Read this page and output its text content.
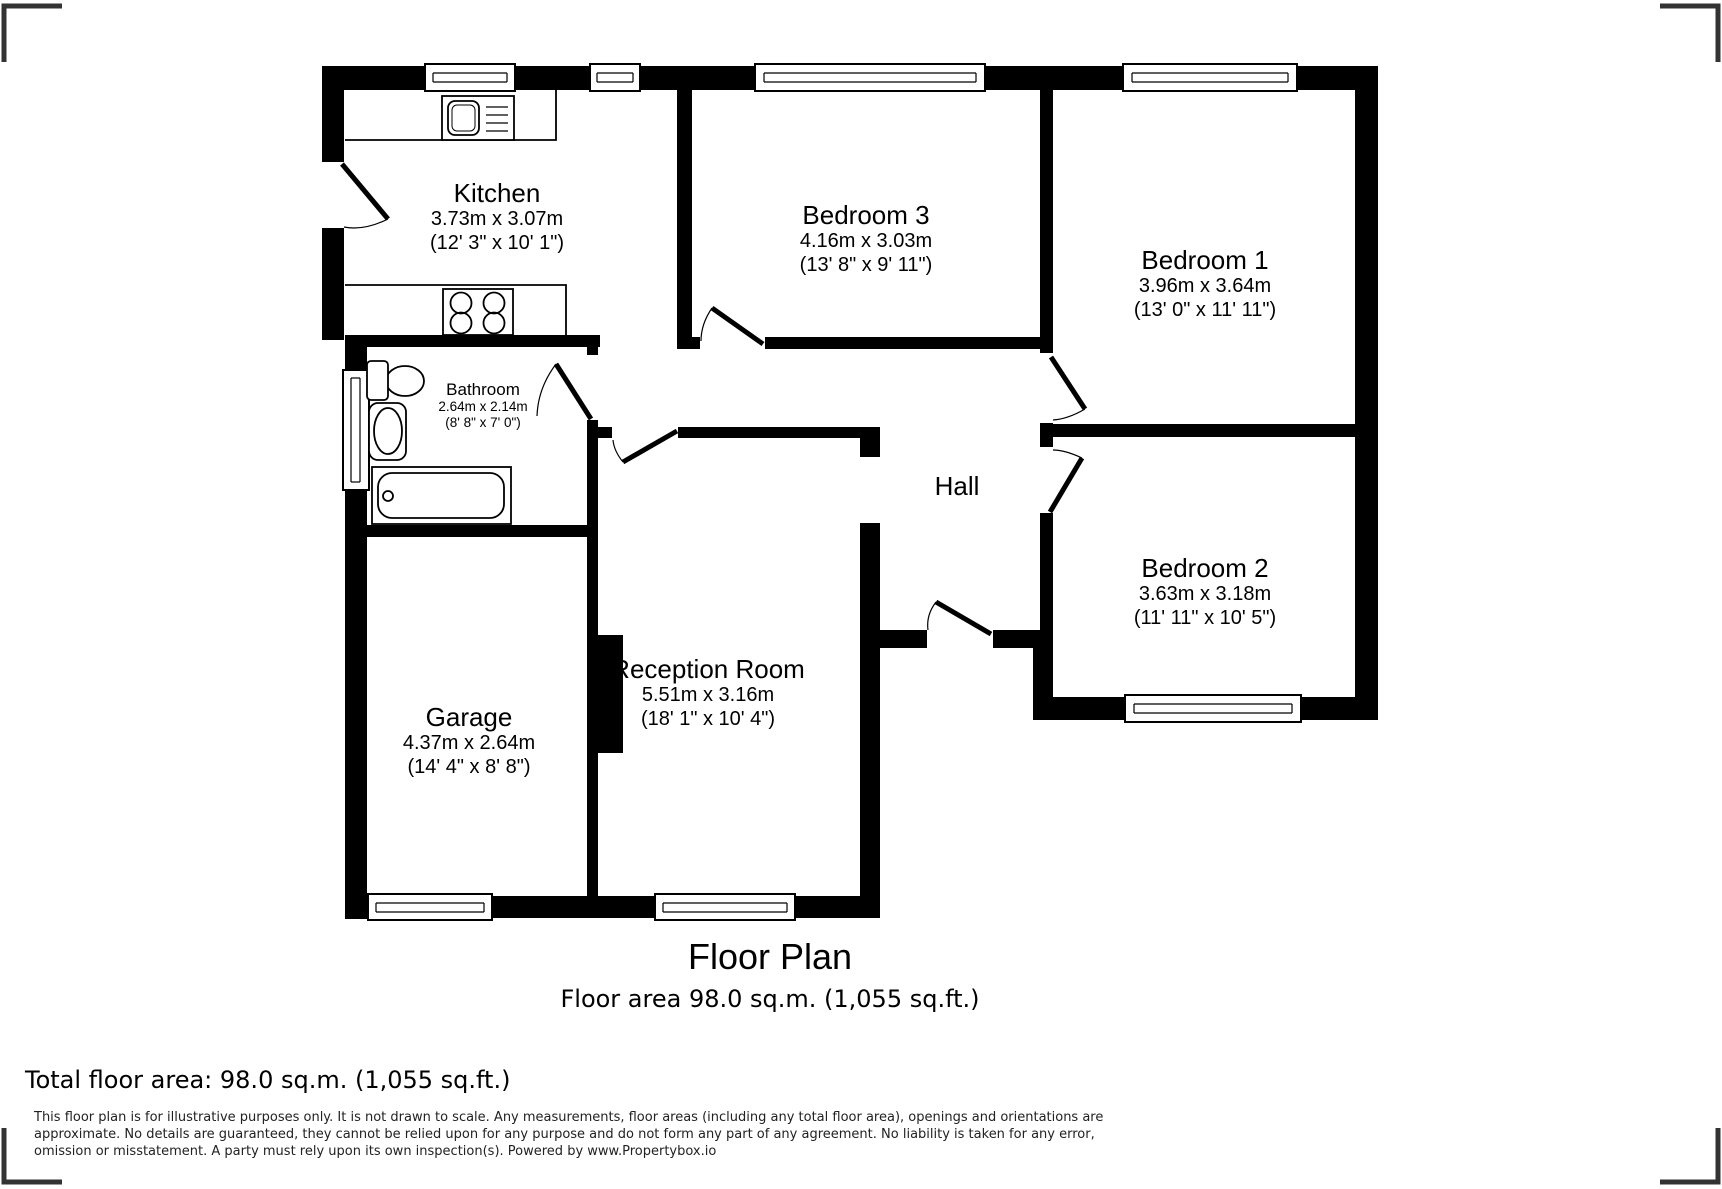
Kitchen
3.73m x 3.07m
(12' 3" x 10' 1")
Bedroom 3
4.16m x 3.03m
(13' 8" x 9' 11")	Bedroom 1
3.96m x 3.64m
(13' 0" x 11' 11")
Bathroom
2.64m x 2.14m
(8' 8" x 7' 0")
Hall
Bedroom 2
3.63m x 3.18m
(11' 11" x 10' 5")
Reception Room
5.51m x 3.16m
(18' 1" x 10' 4")
Garage
4.37m x 2.64m
(14' 4" x 8' 8")
Floor Plan
Floor area 98.0 sq.m. (1,055 sq.ft.)
Total floor area: 98.0 sq.m. (1,055 sq.ft.)
This floor plan is for illustrative purposes only. It is not drawn to scale. Any measurements, floor areas (including any total floor area), openings and orientations are
approximate. No details are guaranteed, they cannot be relied upon for any purpose and do not form any part of any agreement. No liability is taken for any error,
omission or misstatement. A party must rely upon its own inspection(s). Powered by www.Propertybox.io
